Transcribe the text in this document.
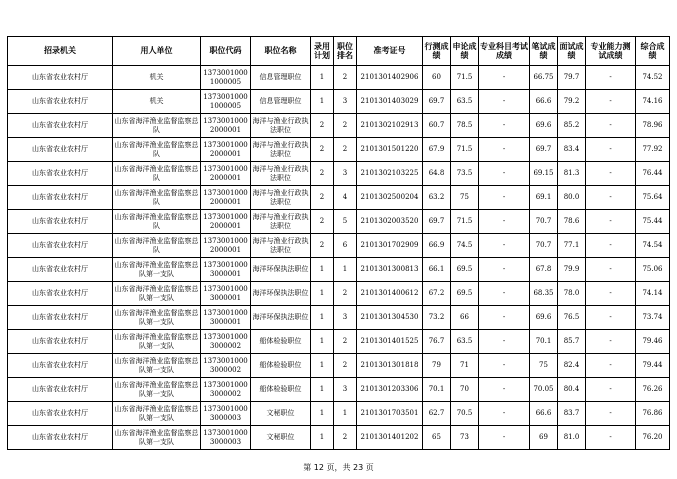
招录机关	用人单位	职位代码	职位名称	录用计划	职位排名	准考证号	行测成绩	申论成绩	专业科目考试成绩	笔试成绩	面试成绩	专业能力测试成绩	综合成绩
山东省农业农村厅	机关	13730010001000005	信息管理职位	1	2	2101301402906	60	71.5	-	66.75	79.7	-	74.52
山东省农业农村厅	机关	13730010001000005	信息管理职位	1	3	2101301403029	69.7	63.5	-	66.6	79.2	-	74.16
山东省农业农村厅	山东省海洋渔业监督监察总队	13730010002000001	海洋与渔业行政执法职位	2	2	2101302102913	60.7	78.5	-	69.6	85.2	-	78.96
山东省农业农村厅	山东省海洋渔业监督监察总队	13730010002000001	海洋与渔业行政执法职位	2	2	2101301501220	67.9	71.5	-	69.7	83.4	-	77.92
山东省农业农村厅	山东省海洋渔业监督监察总队	13730010002000001	海洋与渔业行政执法职位	2	3	2101302103225	64.8	73.5	-	69.15	81.3	-	76.44
山东省农业农村厅	山东省海洋渔业监督监察总队	13730010002000001	海洋与渔业行政执法职位	2	4	2101302500204	63.2	75	-	69.1	80.0	-	75.64
山东省农业农村厅	山东省海洋渔业监督监察总队	13730010002000001	海洋与渔业行政执法职位	2	5	2101302003520	69.7	71.5	-	70.7	78.6	-	75.44
山东省农业农村厅	山东省海洋渔业监督监察总队	13730010002000001	海洋与渔业行政执法职位	2	6	2101301702909	66.9	74.5	-	70.7	77.1	-	74.54
山东省农业农村厅	山东省海洋渔业监督监察总队第一支队	13730010003000001	海洋环保执法职位	1	1	2101301300813	66.1	69.5	-	67.8	79.9	-	75.06
山东省农业农村厅	山东省海洋渔业监督监察总队第一支队	13730010003000001	海洋环保执法职位	1	2	2101301400612	67.2	69.5	-	68.35	78.0	-	74.14
山东省农业农村厅	山东省海洋渔业监督监察总队第一支队	13730010003000001	海洋环保执法职位	1	3	2101301304530	73.2	66	-	69.6	76.5	-	73.74
山东省农业农村厅	山东省海洋渔业监督监察总队第一支队	13730010003000002	船体检验职位	1	2	2101301401525	76.7	63.5	-	70.1	85.7	-	79.46
山东省农业农村厅	山东省海洋渔业监督监察总队第一支队	13730010003000002	船体检验职位	1	2	2101301301818	79	71	-	75	82.4	-	79.44
山东省农业农村厅	山东省海洋渔业监督监察总队第一支队	13730010003000002	船体检验职位	1	3	2101301203306	70.1	70	-	70.05	80.4	-	76.26
山东省农业农村厅	山东省海洋渔业监督监察总队第一支队	13730010003000003	文秘职位	1	1	2101301703501	62.7	70.5	-	66.6	83.7	-	76.86
山东省农业农村厅	山东省海洋渔业监督监察总队第一支队	13730010003000003	文秘职位	1	2	2101301401202	65	73	-	69	81.0	-	76.20
第 12 页，共 23 页
